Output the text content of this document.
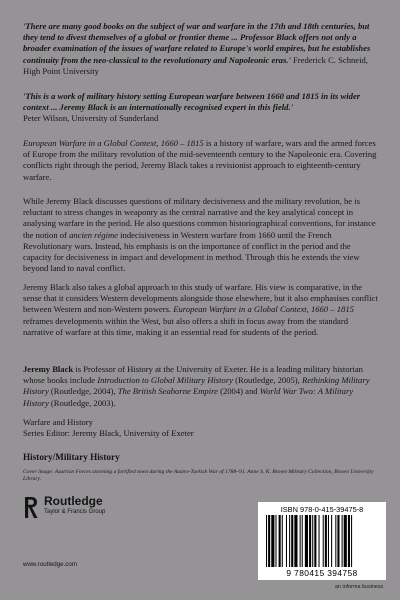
'There are many good books on the subject of war and warfare in the 17th and 18th centuries, but they tend to divest themselves of a global or frontier theme ... Professor Black offers not only a broader examination of the issues of warfare related to Europe's world empires, but he establishes continuity from the neo-classical to the revolutionary and Napoleonic eras.' Frederick C. Schneid, High Point University

'This is a work of military history setting European warfare between 1660 and 1815 in its wider context ... Jeremy Black is an internationally recognised expert in this field.'
Peter Wilson, University of Sunderland

European Warfare in a Global Context, 1660 – 1815 is a history of warfare, wars and the armed forces of Europe from the military revolution of the mid-seventeenth century to the Napoleonic era. Covering conflicts right through the period, Jeremy Black takes a revisionist approach to eighteenth-century warfare.

While Jeremy Black discusses questions of military decisiveness and the military revolution, he is reluctant to stress changes in weaponry as the central narrative and the key analytical concept in analysing warfare in the period. He also questions common historiographical conventions, for instance the notion of ancien régime indecisiveness in Western warfare from 1660 until the French Revolutionary wars. Instead, his emphasis is on the importance of conflict in the period and the capacity for decisiveness in impact and development in method. Through this he extends the view beyond land to naval conflict.

Jeremy Black also takes a global approach to this study of warfare. His view is comparative, in the sense that it considers Western developments alongside those elsewhere, but it also emphasises conflict between Western and non-Western powers. European Warfare in a Global Context, 1660 – 1815 reframes developments within the West, but also offers a shift in focus away from the standard narrative of warfare at this time, making it an essential read for students of the period.

Jeremy Black is Professor of History at the University of Exeter. He is a leading military historian whose books include Introduction to Global Military History (Routledge, 2005), Rethinking Military History (Routledge, 2004), The British Seaborne Empire (2004) and World War Two: A Military History (Routledge, 2003).

Warfare and History

Series Editor: Jeremy Black, University of Exeter

History/Military History

Cover image: Austrian Forces storming a fortified town during the Austro-Turkish War of 1788–91. Anne S. K. Brown Military Collection, Brown University Library.

Routledge
Taylor & Francis Group
www.routledge.com
ISBN 978-0-415-39475-8
9 780415 394758
an informa business
